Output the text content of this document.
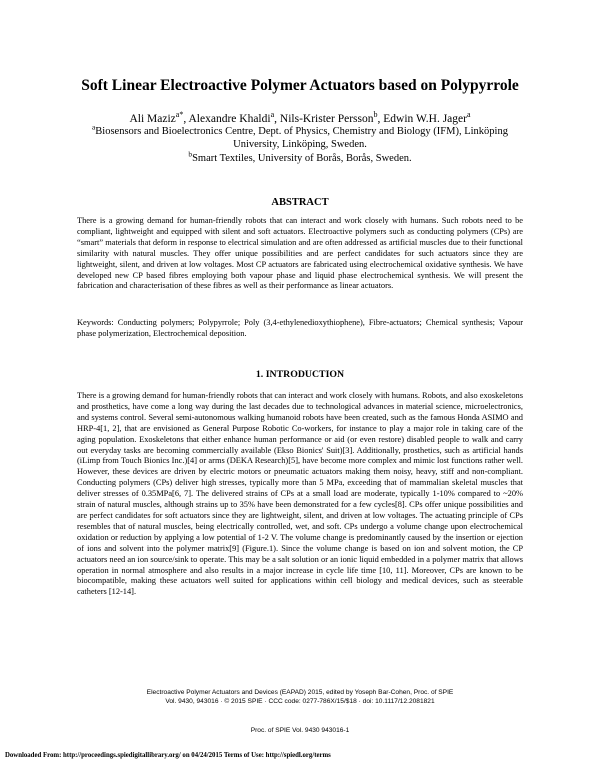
Soft Linear Electroactive Polymer Actuators based on Polypyrrole
Ali Maziz$^{a*}$, Alexandre Khaldi$^a$, Nils-Krister Persson$^b$, Edwin W.H. Jager$^a$
$^a$Biosensors and Bioelectronics Centre, Dept. of Physics, Chemistry and Biology (IFM), Linköping University, Linköping, Sweden.
$^b$Smart Textiles, University of Borås, Borås, Sweden.
ABSTRACT
There is a growing demand for human-friendly robots that can interact and work closely with humans. Such robots need to be compliant, lightweight and equipped with silent and soft actuators. Electroactive polymers such as conducting polymers (CPs) are “smart” materials that deform in response to electrical simulation and are often addressed as artificial muscles due to their functional similarity with natural muscles. They offer unique possibilities and are perfect candidates for such actuators since they are lightweight, silent, and driven at low voltages. Most CP actuators are fabricated using electrochemical oxidative synthesis. We have developed new CP based fibres employing both vapour phase and liquid phase electrochemical synthesis. We will present the fabrication and characterisation of these fibres as well as their performance as linear actuators.
Keywords: Conducting polymers; Polypyrrole; Poly (3,4-ethylenedioxythiophene), Fibre-actuators; Chemical synthesis; Vapour phase polymerization, Electrochemical deposition.
1. INTRODUCTION
There is a growing demand for human-friendly robots that can interact and work closely with humans. Robots, and also exoskeletons and prosthetics, have come a long way during the last decades due to technological advances in material science, microelectronics, and systems control. Several semi-autonomous walking humanoid robots have been created, such as the famous Honda ASIMO and HRP-4[1, 2], that are envisioned as General Purpose Robotic Co-workers, for instance to play a major role in taking care of the aging population. Exoskeletons that either enhance human performance or aid (or even restore) disabled people to walk and carry out everyday tasks are becoming commercially available (Ekso Bionics' Suit)[3]. Additionally, prosthetics, such as artificial hands (iLimp from Touch Bionics Inc.)[4] or arms (DEKA Research)[5], have become more complex and mimic lost functions rather well. However, these devices are driven by electric motors or pneumatic actuators making them noisy, heavy, stiff and non-compliant. Conducting polymers (CPs) deliver high stresses, typically more than 5 MPa, exceeding that of mammalian skeletal muscles that deliver stresses of 0.35MPa[6, 7]. The delivered strains of CPs at a small load are moderate, typically 1-10% compared to ~20% strain of natural muscles, although strains up to 35% have been demonstrated for a few cycles[8]. CPs offer unique possibilities and are perfect candidates for soft actuators since they are lightweight, silent, and driven at low voltages. The actuating principle of CPs resembles that of natural muscles, being electrically controlled, wet, and soft. CPs undergo a volume change upon electrochemical oxidation or reduction by applying a low potential of 1-2 V. The volume change is predominantly caused by the insertion or ejection of ions and solvent into the polymer matrix[9] (Figure.1). Since the volume change is based on ion and solvent motion, the CP actuators need an ion source/sink to operate. This may be a salt solution or an ionic liquid embedded in a polymer matrix that allows operation in normal atmosphere and also results in a major increase in cycle life time [10, 11]. Moreover, CPs are known to be biocompatible, making these actuators well suited for applications within cell biology and medical devices, such as steerable catheters [12-14].
Electroactive Polymer Actuators and Devices (EAPAD) 2015, edited by Yoseph Bar-Cohen, Proc. of SPIE
Vol. 9430, 943016 · © 2015 SPIE · CCC code: 0277-786X/15/$18 · doi: 10.1117/12.2081821
Proc. of SPIE Vol. 9430 943016-1
Downloaded From: http://proceedings.spiedigitallibrary.org/ on 04/24/2015 Terms of Use: http://spiedl.org/terms
